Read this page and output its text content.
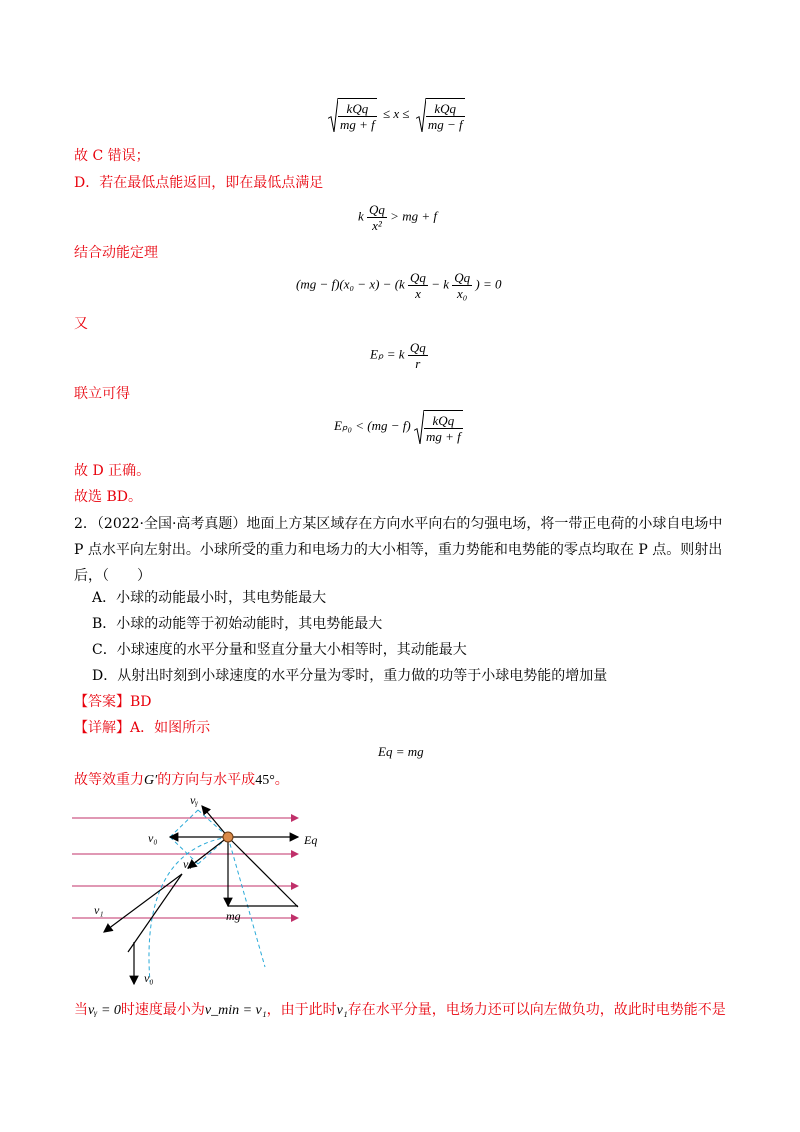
$\frac{\text{kQq}}{mg + f} \le x \le \frac{\text{kQq}}{mg - f}$
故 C 错误；
D．若在最低点能返回，即在最低点满足
k $\frac{Qq}{\text{x²}}$ > mg + f
结合动能定理
$(mg - f)(x_0 - x) - (k \frac{Qq}{x} - k \frac{Qq}{\text{x₀}}$ ) = 0
又
Eₚ = k $\frac{Qq}{r}$
联立可得
$E_{p0} < (mg - f) \frac{\text{kQq}}{mg + f}$
故 D 正确。
故选 BD。
2．（2022·全国·高考真题）地面上方某区域存在方向水平向右的匀强电场，将一带正电荷的小球自电场中
P 点水平向左射出。小球所受的重力和电场力的大小相等，重力势能和电势能的零点均取在 P 点。则射出
后，（　　）
A．小球的动能最小时，其电势能最大
B．小球的动能等于初始动能时，其电势能最大
C．小球速度的水平分量和竖直分量大小相等时，其动能最大
D．从射出时刻到小球速度的水平分量为零时，重力做的功等于小球电势能的增加量
【答案】BD
【详解】A．如图所示
Eq = mg
故等效重力G′的方向与水平成45°。
vᵧ
v₀
vₓ
Eq
v₁	mg
v₀
当vᵧ = 0时速度最小为v_min = v₁，由于此时v₁存在水平分量，电场力还可以向左做负功，故此时电势能不是
